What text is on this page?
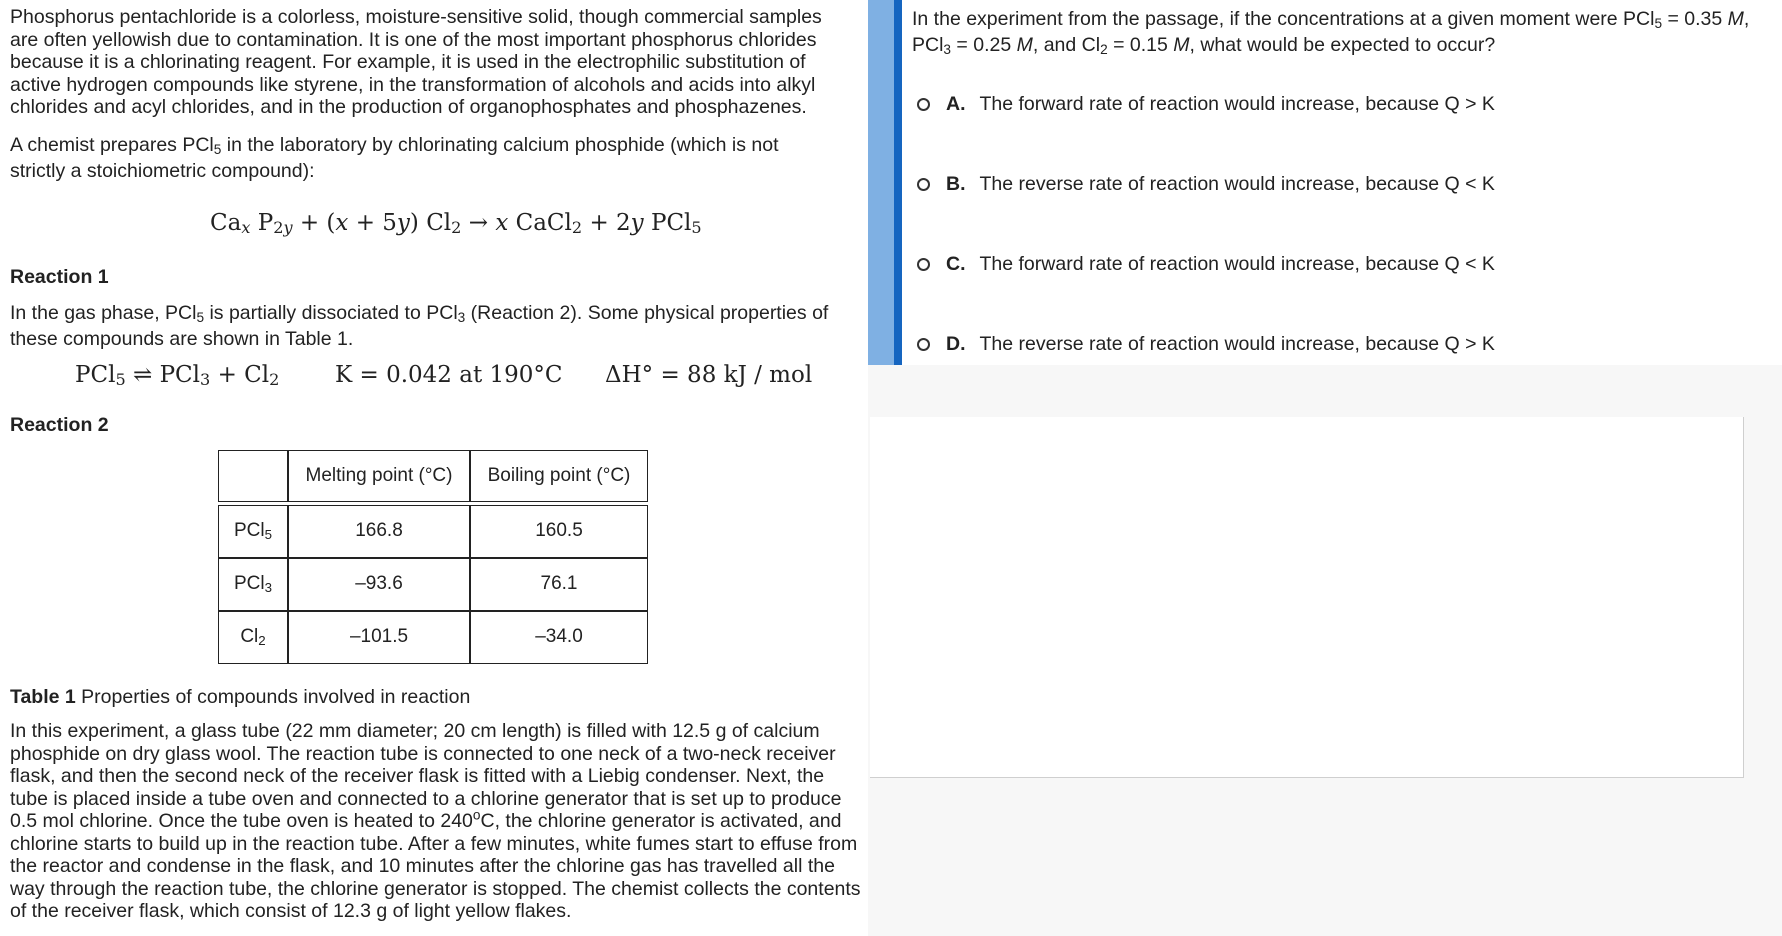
Phosphorus pentachloride is a colorless, moisture-sensitive solid, though commercial samples are often yellowish due to contamination. It is one of the most important phosphorus chlorides because it is a chlorinating reagent. For example, it is used in the electrophilic substitution of active hydrogen compounds like styrene, in the transformation of alcohols and acids into alkyl chlorides and acyl chlorides, and in the production of organophosphates and phosphazenes.

A chemist prepares PCl$_5$ in the laboratory by chlorinating calcium phosphide (which is not strictly a stoichiometric compound):

$Ca_x$ $P_{2y} + (x + 5y) Cl_2 \to x$ CaCl$_2$ + 2y PCl$_5$
Reaction 1

In the gas phase, PCl$_5$ is partially dissociated to PCl$_3$ (Reaction 2). Some physical properties of these compounds are shown in Table 1.

PCl$_5$ ⇌ $PCl_3 + Cl_2$ K = 0.042 at 190°C ΔH° = 88 kJ / mol
Reaction 2
	Melting point (°C)	Boiling point (°C)

PCl$_5$	166.8	160.5
PCl$_3$	–93.6	76.1
$Cl_2$	–101.5	–34.0
Table 1 Properties of compounds involved in reaction

In this experiment, a glass tube (22 mm diameter; 20 cm length) is filled with 12.5 g of calcium phosphide on dry glass wool. The reaction tube is connected to one neck of a two-neck receiver flask, and then the second neck of the receiver flask is fitted with a Liebig condenser. Next, the tube is placed inside a tube oven and connected to a chlorine generator that is set up to produce 0.5 mol chlorine. Once the tube oven is heated to 240$^o$C, the chlorine generator is activated, and chlorine starts to build up in the reaction tube. After a few minutes, white fumes start to effuse from the reactor and condense in the flask, and 10 minutes after the chlorine gas has travelled all the way through the reaction tube, the chlorine generator is stopped. The chemist collects the contents of the receiver flask, which consist of 12.3 g of light yellow flakes.

In the experiment from the passage, if the concentrations at a given moment were PCl$_5$ = 0.35 M, PCl$_3$ = 0.25 M, and $Cl_2 = 0.15$ M, what would be expected to occur?
A. The forward rate of reaction would increase, because Q > K
B. The reverse rate of reaction would increase, because Q < K
C. The forward rate of reaction would increase, because Q < K
D. The reverse rate of reaction would increase, because Q > K
